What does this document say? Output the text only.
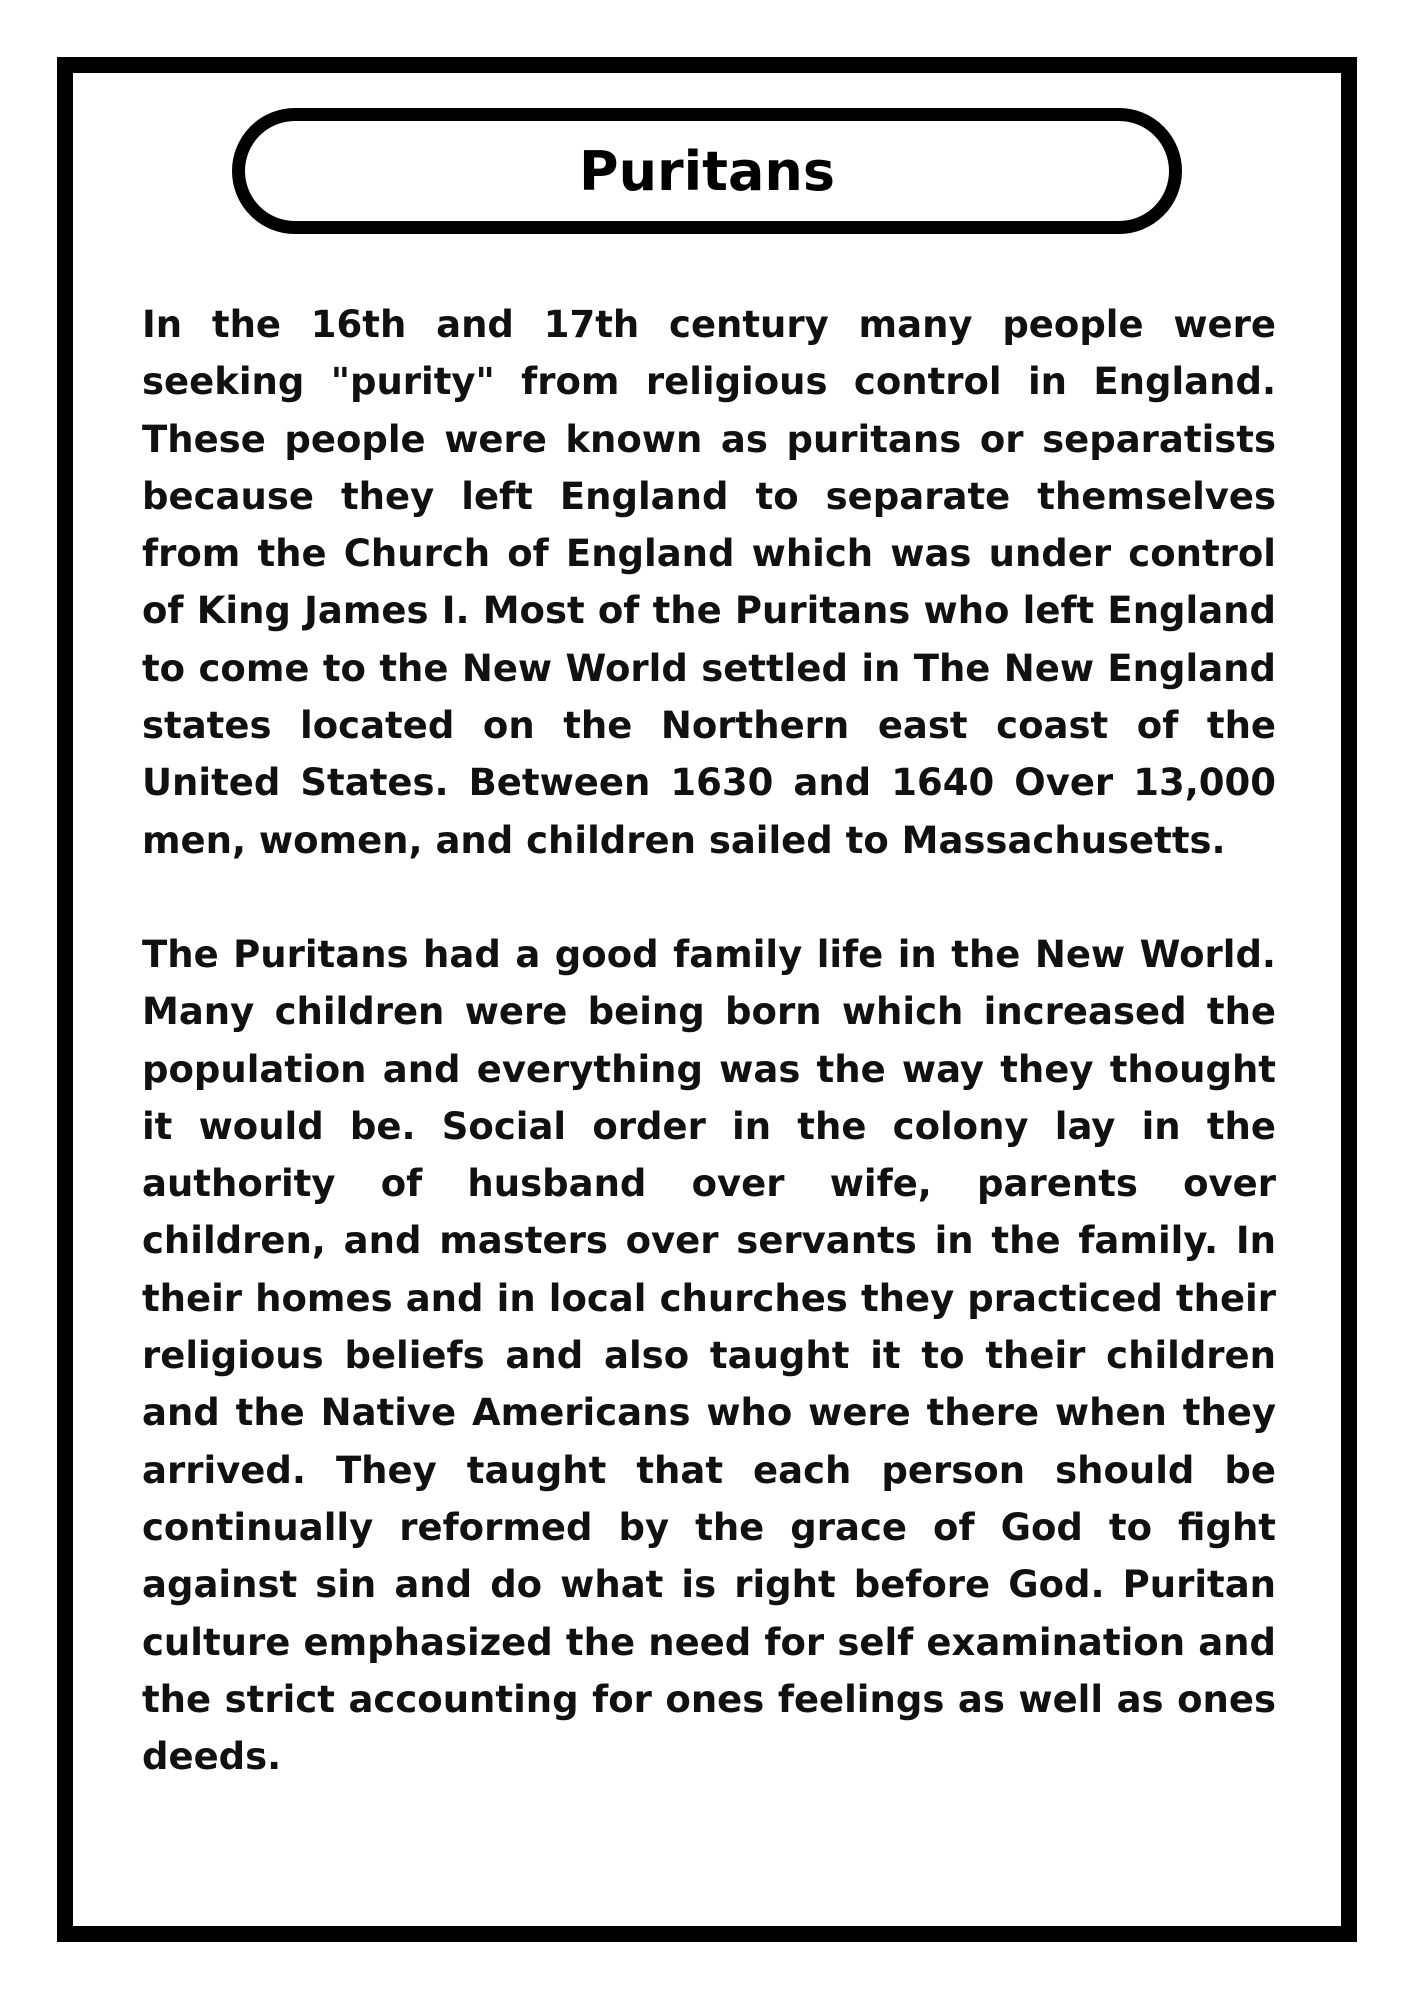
Puritans

In the 16th and 17th century many people were seeking "purity" from religious control in England. These people were known as puritans or separatists because they left England to separate themselves from the Church of England which was under control of King James I. Most of the Puritans who left England to come to the New World settled in The New England states located on the Northern east coast of the United States. Between 1630 and 1640 Over 13,000 men, women, and children sailed to Massachusetts.

The Puritans had a good family life in the New World. Many children were being born which increased the population and everything was the way they thought it would be. Social order in the colony lay in the authority of husband over wife, parents over children, and masters over servants in the family. In their homes and in local churches they practiced their religious beliefs and also taught it to their children and the Native Americans who were there when they arrived. They taught that each person should be continually reformed by the grace of God to fight against sin and do what is right before God. Puritan culture emphasized the need for self examination and the strict accounting for ones feelings as well as ones deeds.
